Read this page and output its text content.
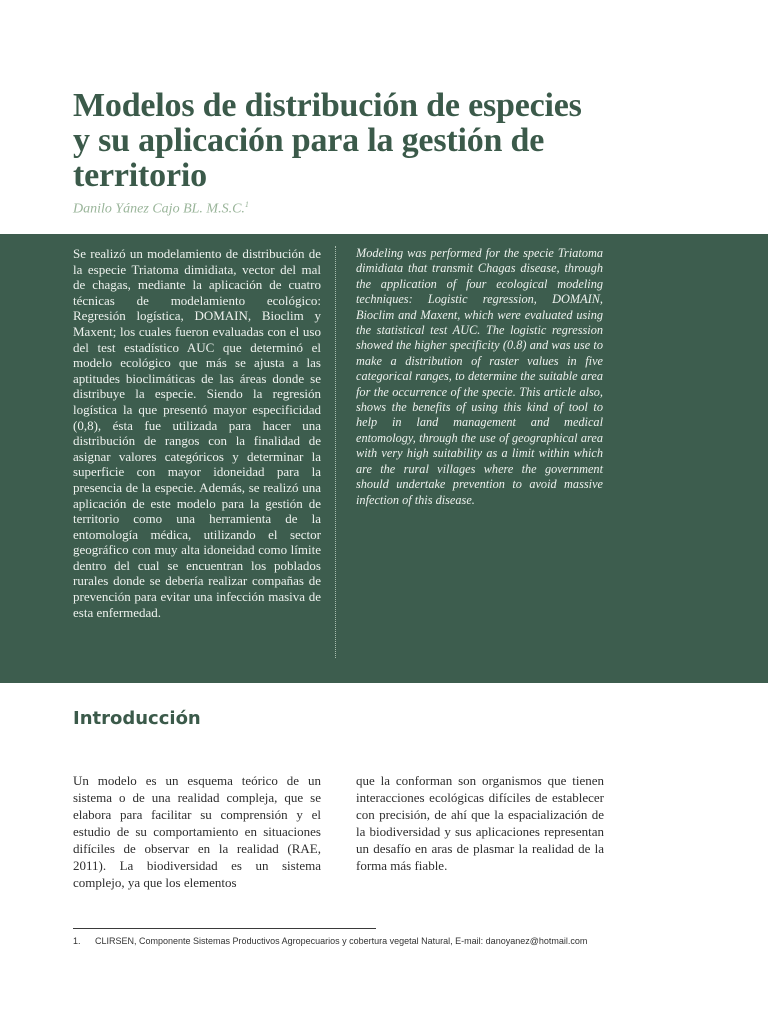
Modelos de distribución de especies y su aplicación para la gestión de territorio
Danilo Yánez Cajo BL. M.S.C.$^1$

Se realizó un modelamiento de distribución de la especie Triatoma dimidiata, vector del mal de chagas, mediante la aplicación de cuatro técnicas de modelamiento ecológico: Regresión logística, DOMAIN, Bioclim y Maxent; los cuales fueron evaluadas con el uso del test estadístico AUC que determinó el modelo ecológico que más se ajusta a las aptitudes bioclimáticas de las áreas donde se distribuye la especie. Siendo la regresión logística la que presentó mayor especificidad (0,8), ésta fue utilizada para hacer una distribución de rangos con la finalidad de asignar valores categóricos y determinar la superficie con mayor idoneidad para la presencia de la especie. Además, se realizó una aplicación de este modelo para la gestión de territorio como una herramienta de la entomología médica, utilizando el sector geográfico con muy alta idoneidad como límite dentro del cual se encuentran los poblados rurales donde se debería realizar compañas de prevención para evitar una infección masiva de esta enfermedad.

Modeling was performed for the specie Triatoma dimidiata that transmit Chagas disease, through the application of four ecological modeling techniques: Logistic regression, DOMAIN, Bioclim and Maxent, which were evaluated using the statistical test AUC. The logistic regression showed the higher specificity (0.8) and was use to make a distribution of raster values in five categorical ranges, to determine the suitable area for the occurrence of the specie. This article also, shows the benefits of using this kind of tool to help in land management and medical entomology, through the use of geographical area with very high suitability as a limit within which are the rural villages where the government should undertake prevention to avoid massive infection of this disease.

Introducción

Un modelo es un esquema teórico de un sistema o de una realidad compleja, que se elabora para facilitar su comprensión y el estudio de su comportamiento en situaciones difíciles de observar en la realidad (RAE, 2011). La biodiversidad es un sistema complejo, ya que los elementos

que la conforman son organismos que tienen interacciones ecológicas difíciles de establecer con precisión, de ahí que la espacialización de la biodiversidad y sus aplicaciones representan un desafío en aras de plasmar la realidad de la forma más fiable.

1. CLIRSEN, Componente Sistemas Productivos Agropecuarios y cobertura vegetal Natural, E-mail: danoyanez@hotmail.com
